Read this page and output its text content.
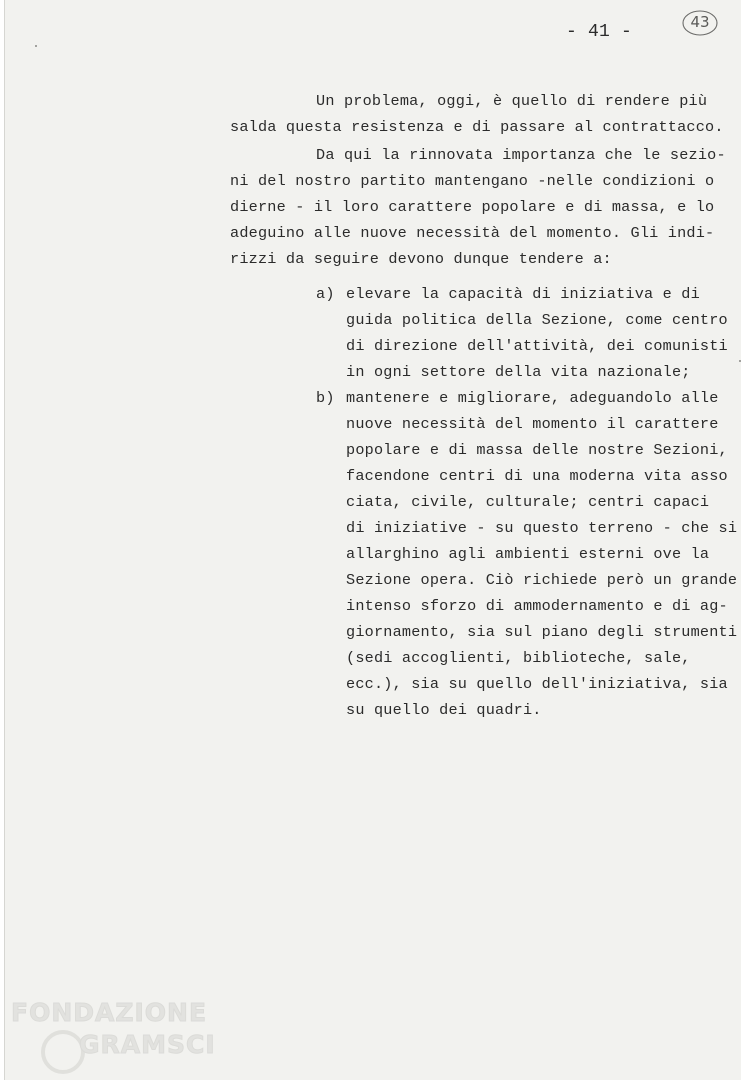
- 41 -	43
Un problema, oggi, è quello di rendere più
salda questa resistenza e di passare al contrattacco.
Da qui la rinnovata importanza che le sezio-
ni del nostro partito mantengano -nelle condizioni o
dierne - il loro carattere popolare e di massa, e lo
adeguino alle nuove necessità del momento. Gli indi-
rizzi da seguire devono dunque tendere a:
a) elevare la capacità di iniziativa e di
guida politica della Sezione, come centro
di direzione dell'attività, dei comunisti
in ogni settore della vita nazionale;
b) mantenere e migliorare, adeguandolo alle
nuove necessità del momento il carattere
popolare e di massa delle nostre Sezioni,
facendone centri di una moderna vita asso
ciata, civile, culturale; centri capaci
di iniziative - su questo terreno - che si
allarghino agli ambienti esterni ove la
Sezione opera. Ciò richiede però un grande
intenso sforzo di ammodernamento e di ag-
giornamento, sia sul piano degli strumenti
(sedi accoglienti, biblioteche, sale,
ecc.), sia su quello dell'iniziativa, sia
su quello dei quadri.
FONDAZIONE
GRAMSCI
